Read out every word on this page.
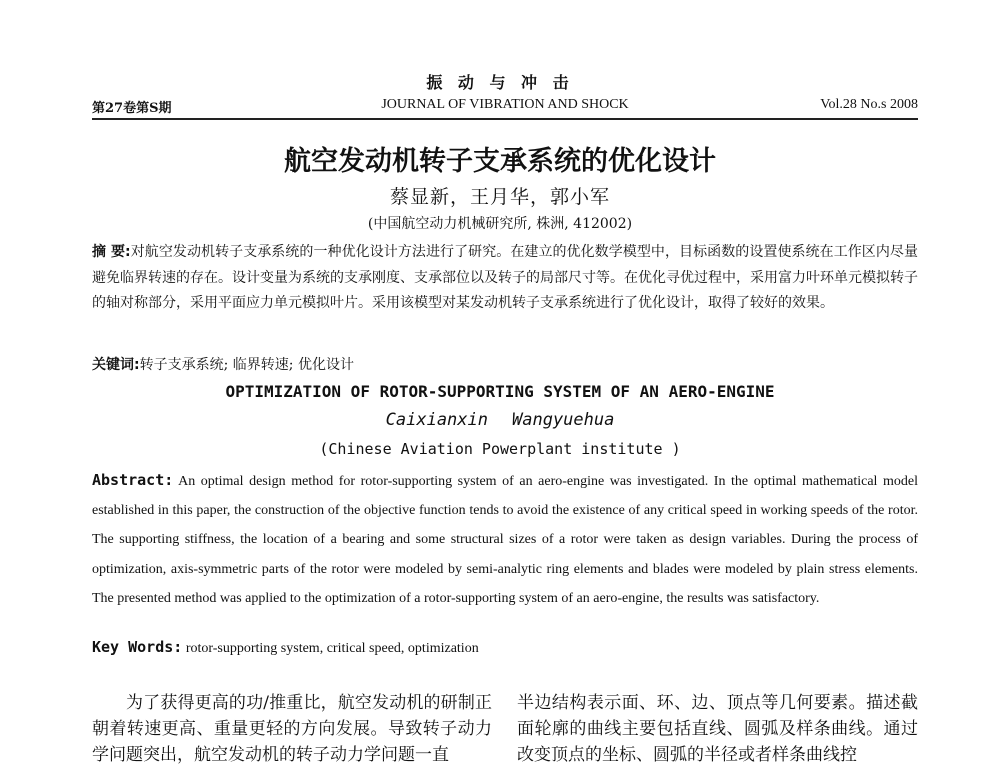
振 动 与 冲 击
第27卷第S期	JOURNAL OF VIBRATION AND SHOCK	Vol.28 No.s 2008
航空发动机转子支承系统的优化设计
蔡显新，王月华，郭小军
(中国航空动力机械研究所, 株洲, 412002)
摘 要:对航空发动机转子支承系统的一种优化设计方法进行了研究。在建立的优化数学模型中，目标函数的设置使系统在工作区内尽量避免临界转速的存在。设计变量为系统的支承刚度、支承部位以及转子的局部尺寸等。在优化寻优过程中，采用富力叶环单元模拟转子的轴对称部分，采用平面应力单元模拟叶片。采用该模型对某发动机转子支承系统进行了优化设计，取得了较好的效果。
关键词:转子支承系统; 临界转速; 优化设计
OPTIMIZATION OF ROTOR-SUPPORTING SYSTEM OF AN AERO-ENGINE
Caixianxin Wangyuehua
(Chinese Aviation Powerplant institute )
Abstract: An optimal design method for rotor-supporting system of an aero-engine was investigated. In the optimal mathematical model established in this paper, the construction of the objective function tends to avoid the existence of any critical speed in working speeds of the rotor. The supporting stiffness, the location of a bearing and some structural sizes of a rotor were taken as design variables. During the process of optimization, axis-symmetric parts of the rotor were modeled by semi-analytic ring elements and blades were modeled by plain stress elements. The presented method was applied to the optimization of a rotor-supporting system of an aero-engine, the results was satisfactory.
Key Words: rotor-supporting system, critical speed, optimization
为了获得更高的功/推重比，航空发动机的研制正朝着转速更高、重量更轻的方向发展。导致转子动力学问题突出，航空发动机的转子动力学问题一直
半边结构表示面、环、边、顶点等几何要素。描述截面轮廓的曲线主要包括直线、圆弧及样条曲线。通过改变顶点的坐标、圆弧的半径或者样条曲线控
